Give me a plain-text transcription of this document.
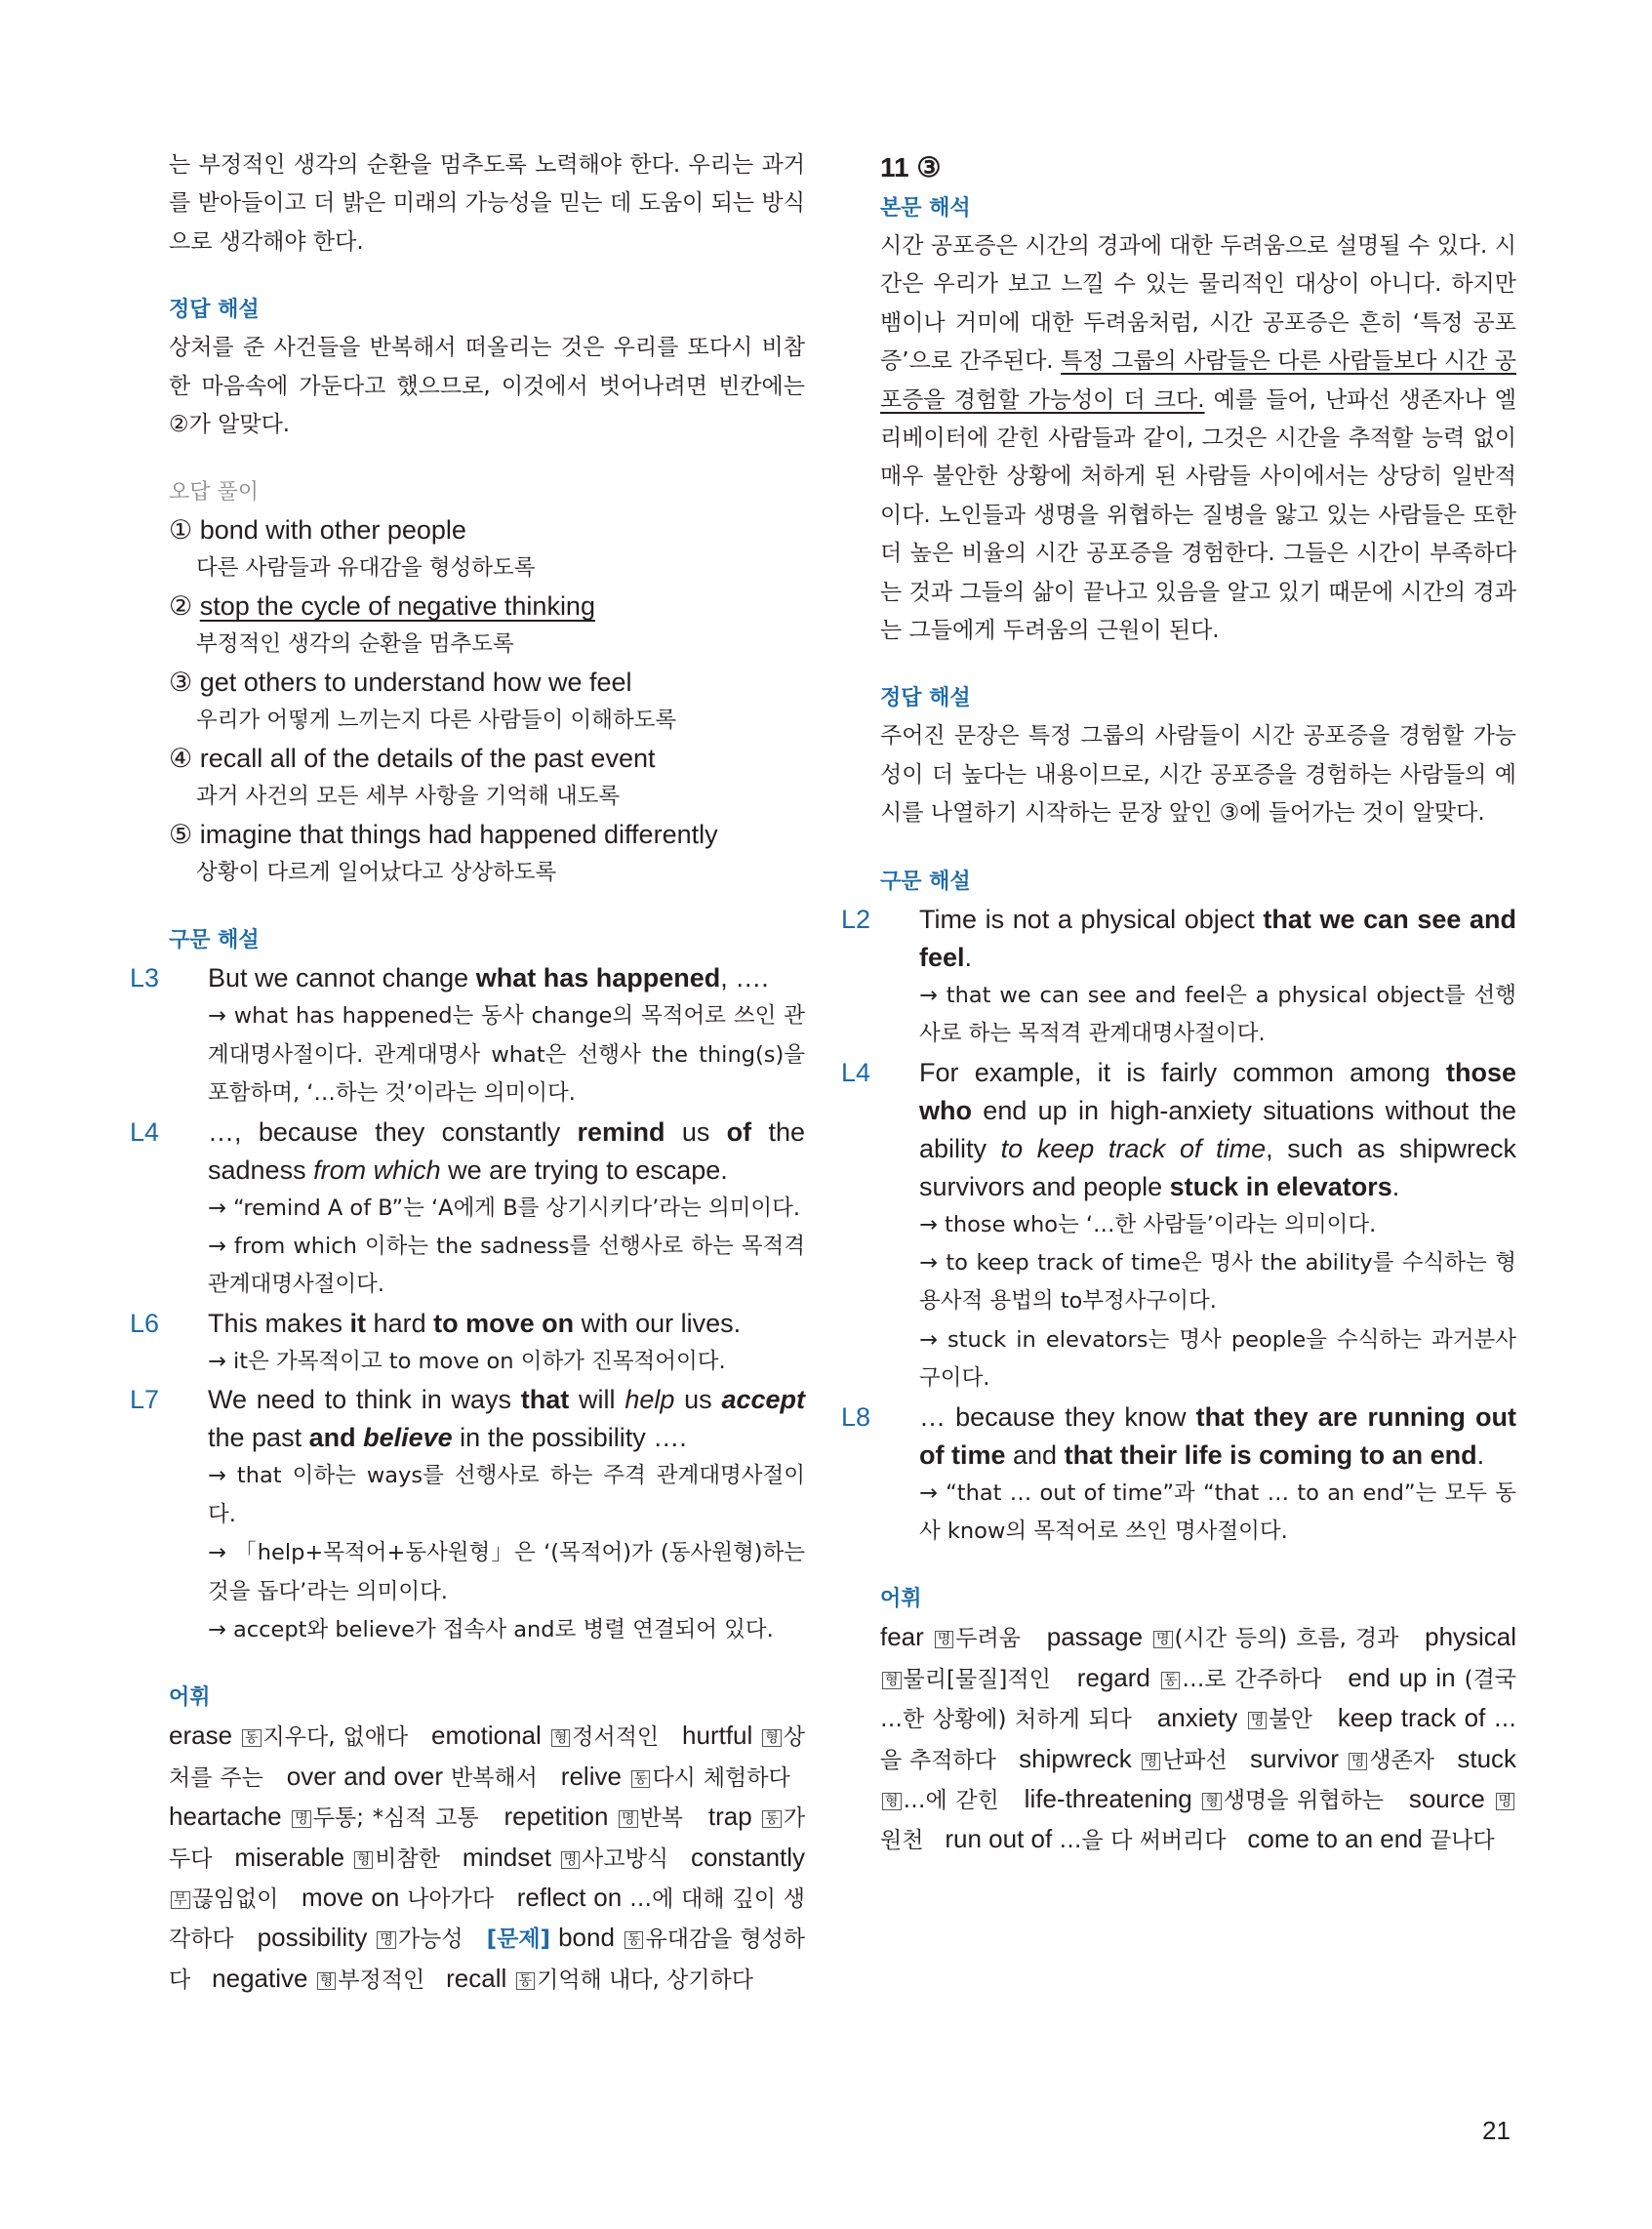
는 부정적인 생각의 순환을 멈추도록 노력해야 한다. 우리는 과거를 받아들이고 더 밝은 미래의 가능성을 믿는 데 도움이 되는 방식으로 생각해야 한다.

정답 해설

상처를 준 사건들을 반복해서 떠올리는 것은 우리를 또다시 비참한 마음속에 가둔다고 했으므로, 이것에서 벗어나려면 빈칸에는 ②가 알맞다.

오답 풀이

① bond with other people
다른 사람들과 유대감을 형성하도록
② stop the cycle of negative thinking
부정적인 생각의 순환을 멈추도록
③ get others to understand how we feel
우리가 어떻게 느끼는지 다른 사람들이 이해하도록
④ recall all of the details of the past event
과거 사건의 모든 세부 사항을 기억해 내도록
⑤ imagine that things had happened differently
상황이 다르게 일어났다고 상상하도록

구문 해설

L3 But we cannot change what has happened, ….
→ what has happened는 동사 change의 목적어로 쓰인 관계대명사절이다. 관계대명사 what은 선행사 the thing(s)을 포함하며, ‘…하는 것’이라는 의미이다.
L4 …, because they constantly remind us of the sadness from which we are trying to escape.
→ “remind A of B”는 ‘A에게 B를 상기시키다’라는 의미이다.
→ from which 이하는 the sadness를 선행사로 하는 목적격 관계대명사절이다.
L6 This makes it hard to move on with our lives.
→ it은 가목적이고 to move on 이하가 진목적어이다.
L7 We need to think in ways that will help us accept the past and believe in the possibility ….
→ that 이하는 ways를 선행사로 하는 주격 관계대명사절이다.
→ 「help+목적어+동사원형」은 ‘(목적어)가 (동사원형)하는 것을 돕다’라는 의미이다.
→ accept와 believe가 접속사 and로 병렬 연결되어 있다.

어휘

erase 동 지우다, 없애다 emotional 형 정서적인 hurtful 형 상처를 주는 over and over 반복해서 relive 동 다시 체험하다   heartache 명 두통; *심적 고통 repetition 명 반복 trap 동 가두다 miserable 형 비참한 mindset 명 사고방식 constantly 부 끊임없이 move on 나아가다 reflect on …에 대해 깊이 생각하다 possibility 명 가능성 [문제] bond 동 유대감을 형성하다 negative 형 부정적인 recall 동 기억해 내다, 상기하다
11 ③

본문 해석

시간 공포증은 시간의 경과에 대한 두려움으로 설명될 수 있다. 시간은 우리가 보고 느낄 수 있는 물리적인 대상이 아니다. 하지만 뱀이나 거미에 대한 두려움처럼, 시간 공포증은 흔히 ‘특정 공포증’으로 간주된다. 특정 그룹의 사람들은 다른 사람들보다 시간 공포증을 경험할 가능성이 더 크다. 예를 들어, 난파선 생존자나 엘리베이터에 갇힌 사람들과 같이, 그것은 시간을 추적할 능력 없이 매우 불안한 상황에 처하게 된 사람들 사이에서는 상당히 일반적이다. 노인들과 생명을 위협하는 질병을 앓고 있는 사람들은 또한 더 높은 비율의 시간 공포증을 경험한다. 그들은 시간이 부족하다는 것과 그들의 삶이 끝나고 있음을 알고 있기 때문에 시간의 경과는 그들에게 두려움의 근원이 된다.

정답 해설

주어진 문장은 특정 그룹의 사람들이 시간 공포증을 경험할 가능성이 더 높다는 내용이므로, 시간 공포증을 경험하는 사람들의 예시를 나열하기 시작하는 문장 앞인 ③에 들어가는 것이 알맞다.

구문 해설

L2 Time is not a physical object that we can see and feel.
→ that we can see and feel은 a physical object를 선행사로 하는 목적격 관계대명사절이다.
L4 For example, it is fairly common among those who end up in high-anxiety situations without the ability to keep track of time, such as shipwreck survivors and people stuck in elevators.
→ those who는 ‘…한 사람들’이라는 의미이다.
→ to keep track of time은 명사 the ability를 수식하는 형용사적 용법의 to부정사구이다.
→ stuck in elevators는 명사 people을 수식하는 과거분사구이다.
L8 … because they know that they are running out of time and that their life is coming to an end.
→ “that … out of time”과 “that … to an end”는 모두 동사 know의 목적어로 쓰인 명사절이다.

어휘

fear 명 두려움 passage 명 (시간 등의) 흐름, 경과 physical 형 물리[물질]적인 regard 동 …로 간주하다 end up in (결국 …한 상황에) 처하게 되다 anxiety 명 불안 keep track of …을 추적하다 shipwreck 명 난파선 survivor 명 생존자 stuck 형 …에 갇힌 life-threatening 형 생명을 위협하는 source 명원천 run out of …을 다 써버리다 come to an end 끝나다
21
